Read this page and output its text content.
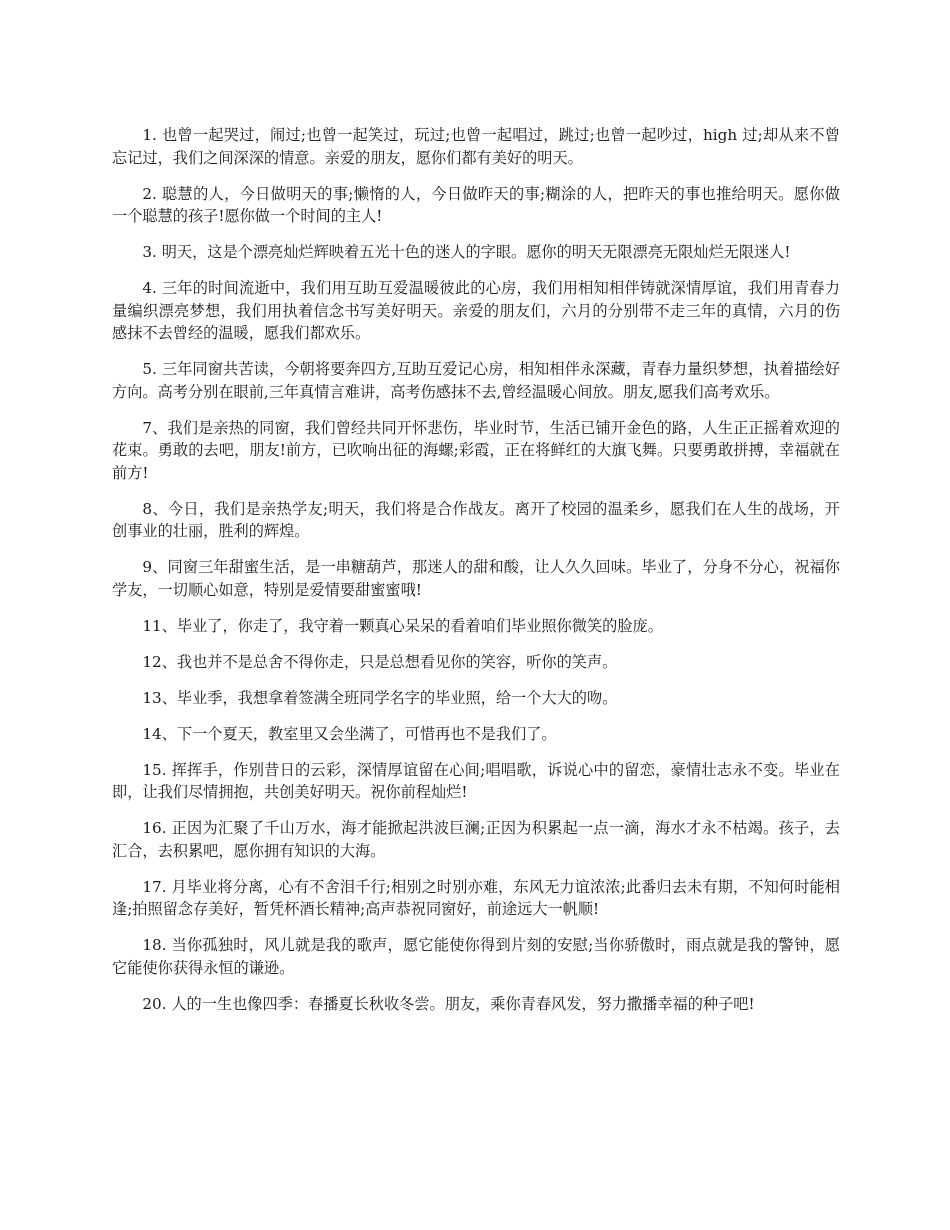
1. 也曾一起哭过，闹过;也曾一起笑过，玩过;也曾一起唱过，跳过;也曾一起吵过，high 过;却从来不曾忘记过，我们之间深深的情意。亲爱的朋友，愿你们都有美好的明天。

2. 聪慧的人，今日做明天的事;懒惰的人，今日做昨天的事;糊涂的人，把昨天的事也推给明天。愿你做一个聪慧的孩子!愿你做一个时间的主人!

3. 明天，这是个漂亮灿烂辉映着五光十色的迷人的字眼。愿你的明天无限漂亮无限灿烂无限迷人!

4. 三年的时间流逝中，我们用互助互爱温暖彼此的心房，我们用相知相伴铸就深情厚谊，我们用青春力量编织漂亮梦想，我们用执着信念书写美好明天。亲爱的朋友们，六月的分别带不走三年的真情，六月的伤感抹不去曾经的温暖，愿我们都欢乐。

5. 三年同窗共苦读，今朝将要奔四方,互助互爱记心房，相知相伴永深藏，青春力量织梦想，执着描绘好方向。高考分别在眼前,三年真情言难讲，高考伤感抹不去,曾经温暖心间放。朋友,愿我们高考欢乐。

7、我们是亲热的同窗，我们曾经共同开怀悲伤，毕业时节，生活已铺开金色的路，人生正正摇着欢迎的花束。勇敢的去吧，朋友!前方，已吹响出征的海螺;彩霞，正在将鲜红的大旗飞舞。只要勇敢拼搏，幸福就在前方!

8、今日，我们是亲热学友;明天，我们将是合作战友。离开了校园的温柔乡，愿我们在人生的战场，开创事业的壮丽，胜利的辉煌。

9、同窗三年甜蜜生活，是一串糖葫芦，那迷人的甜和酸，让人久久回味。毕业了，分身不分心，祝福你学友，一切顺心如意，特别是爱情要甜蜜蜜哦!

11、毕业了，你走了，我守着一颗真心呆呆的看着咱们毕业照你微笑的脸庞。

12、我也并不是总舍不得你走，只是总想看见你的笑容，听你的笑声。

13、毕业季，我想拿着签满全班同学名字的毕业照，给一个大大的吻。

14、下一个夏天，教室里又会坐满了，可惜再也不是我们了。

15. 挥挥手，作别昔日的云彩，深情厚谊留在心间;唱唱歌，诉说心中的留恋，豪情壮志永不变。毕业在即，让我们尽情拥抱，共创美好明天。祝你前程灿烂!

16. 正因为汇聚了千山万水，海才能掀起洪波巨澜;正因为积累起一点一滴，海水才永不枯竭。孩子，去汇合，去积累吧，愿你拥有知识的大海。

17. 月毕业将分离，心有不舍泪千行;相别之时别亦难，东风无力谊浓浓;此番归去未有期，不知何时能相逢;拍照留念存美好，暂凭杯酒长精神;高声恭祝同窗好，前途远大一帆顺!

18. 当你孤独时，风儿就是我的歌声，愿它能使你得到片刻的安慰;当你骄傲时，雨点就是我的警钟，愿它能使你获得永恒的谦逊。

20. 人的一生也像四季：春播夏长秋收冬尝。朋友，乘你青春风发，努力撒播幸福的种子吧!
